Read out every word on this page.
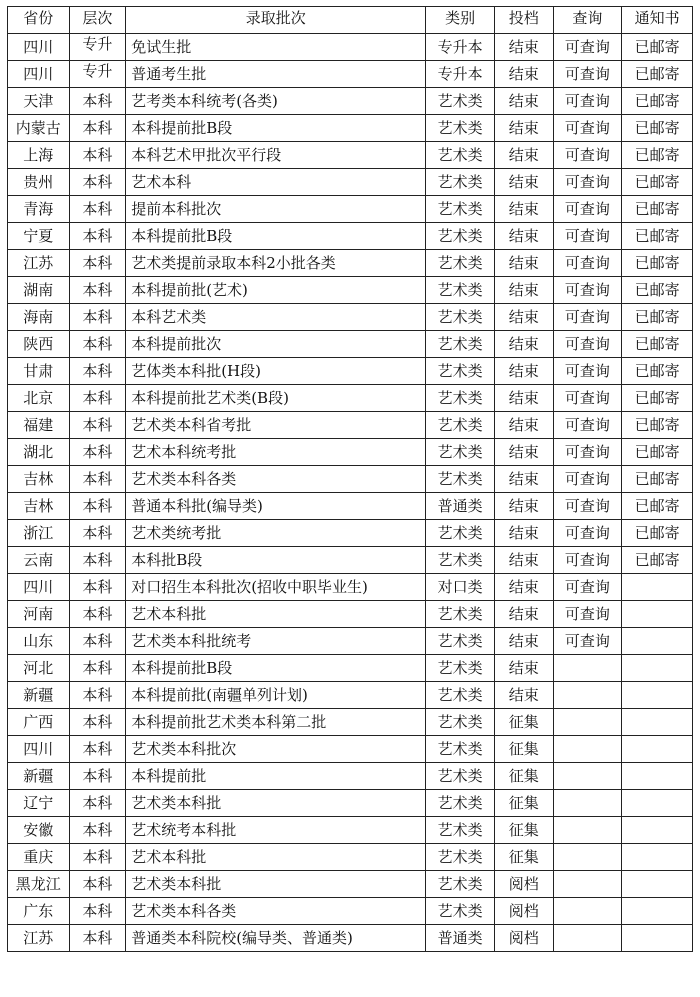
省份	层次	录取批次	类别	投档	查询	通知书
四川	专升	免试生批	专升本	结束	可查询	已邮寄
四川	专升	普通考生批	专升本	结束	可查询	已邮寄
天津	本科	艺考类本科统考(各类)	艺术类	结束	可查询	已邮寄
内蒙古	本科	本科提前批B段	艺术类	结束	可查询	已邮寄
上海	本科	本科艺术甲批次平行段	艺术类	结束	可查询	已邮寄
贵州	本科	艺术本科	艺术类	结束	可查询	已邮寄
青海	本科	提前本科批次	艺术类	结束	可查询	已邮寄
宁夏	本科	本科提前批B段	艺术类	结束	可查询	已邮寄
江苏	本科	艺术类提前录取本科2小批各类	艺术类	结束	可查询	已邮寄
湖南	本科	本科提前批(艺术)	艺术类	结束	可查询	已邮寄
海南	本科	本科艺术类	艺术类	结束	可查询	已邮寄
陕西	本科	本科提前批次	艺术类	结束	可查询	已邮寄
甘肃	本科	艺体类本科批(H段)	艺术类	结束	可查询	已邮寄
北京	本科	本科提前批艺术类(B段)	艺术类	结束	可查询	已邮寄
福建	本科	艺术类本科省考批	艺术类	结束	可查询	已邮寄
湖北	本科	艺术本科统考批	艺术类	结束	可查询	已邮寄
吉林	本科	艺术类本科各类	艺术类	结束	可查询	已邮寄
吉林	本科	普通本科批(编导类)	普通类	结束	可查询	已邮寄
浙江	本科	艺术类统考批	艺术类	结束	可查询	已邮寄
云南	本科	本科批B段	艺术类	结束	可查询	已邮寄
四川	本科	对口招生本科批次(招收中职毕业生)	对口类	结束	可查询	
河南	本科	艺术本科批	艺术类	结束	可查询	
山东	本科	艺术类本科批统考	艺术类	结束	可查询	
河北	本科	本科提前批B段	艺术类	结束		
新疆	本科	本科提前批(南疆单列计划)	艺术类	结束		
广西	本科	本科提前批艺术类本科第二批	艺术类	征集		
四川	本科	艺术类本科批次	艺术类	征集		
新疆	本科	本科提前批	艺术类	征集		
辽宁	本科	艺术类本科批	艺术类	征集		
安徽	本科	艺术统考本科批	艺术类	征集		
重庆	本科	艺术本科批	艺术类	征集		
黑龙江	本科	艺术类本科批	艺术类	阅档		
广东	本科	艺术类本科各类	艺术类	阅档		
江苏	本科	普通类本科院校(编导类、普通类)	普通类	阅档		
